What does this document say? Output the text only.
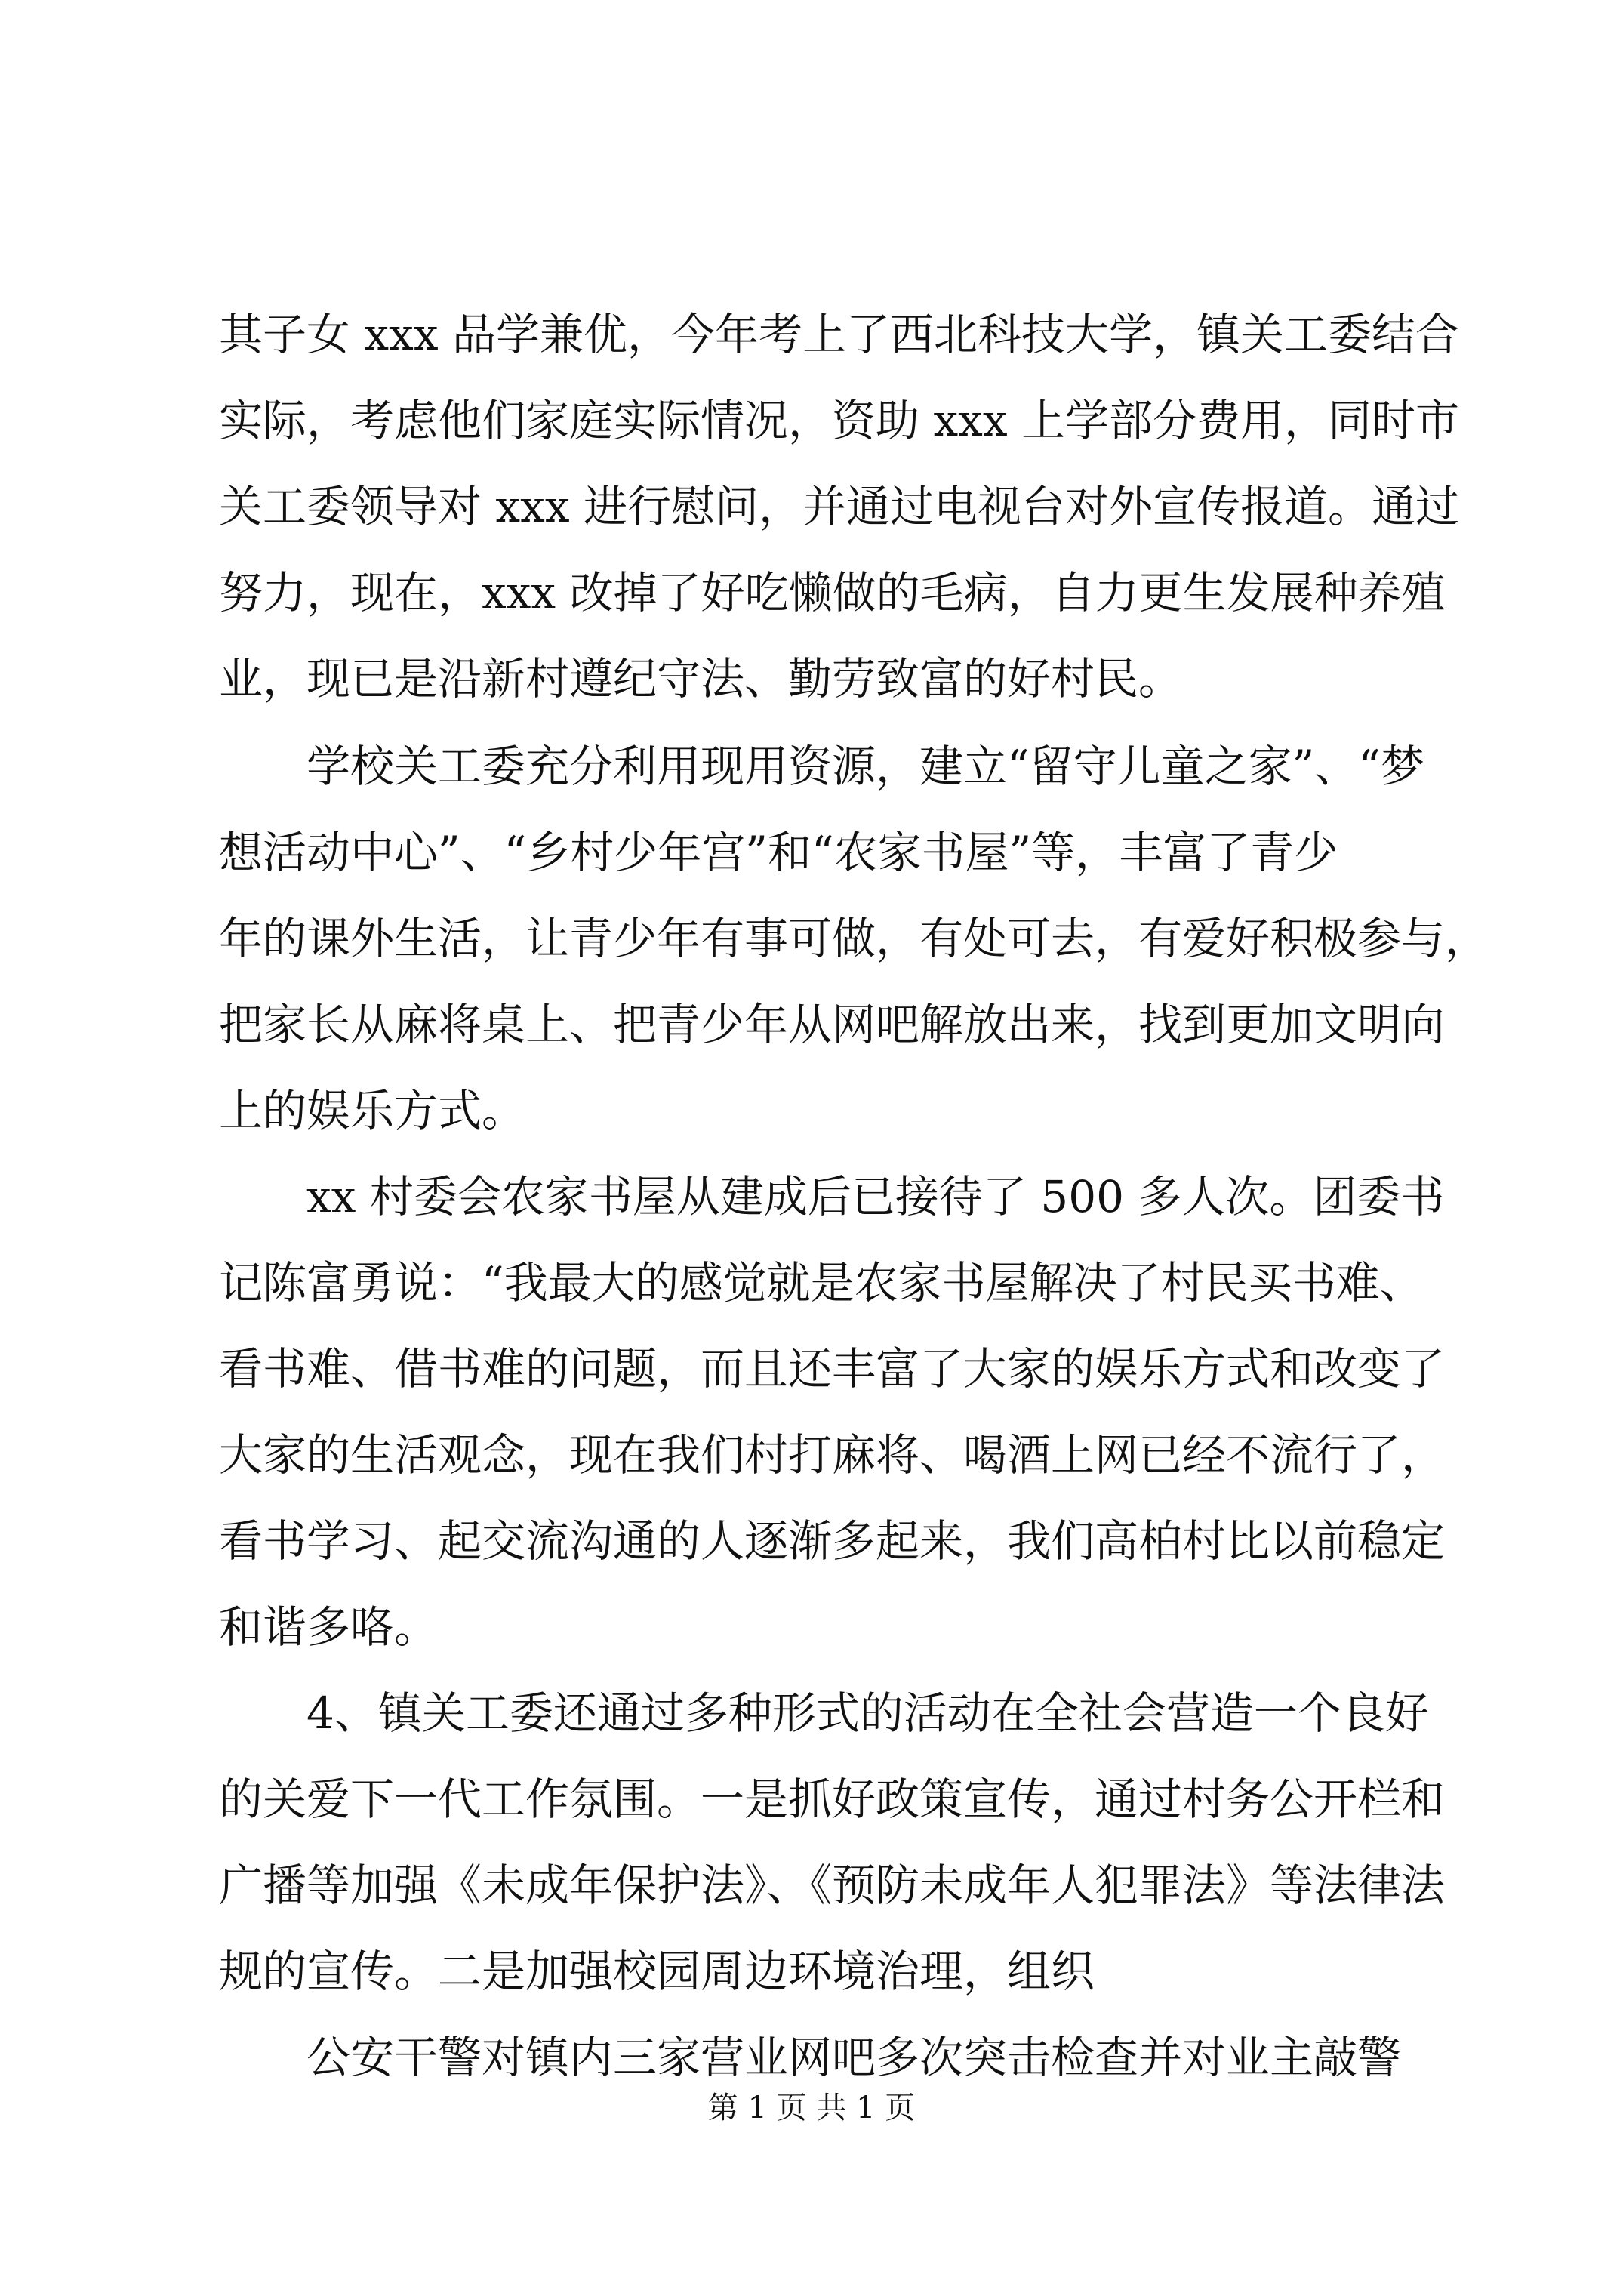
其子女 xxx 品学兼优，今年考上了西北科技大学，镇关工委结合
实际，考虑他们家庭实际情况，资助 xxx 上学部分费用，同时市
关工委领导对 xxx 进行慰问，并通过电视台对外宣传报道。通过
努力，现在，xxx 改掉了好吃懒做的毛病，自力更生发展种养殖
业，现已是沿新村遵纪守法、勤劳致富的好村民。
学校关工委充分利用现用资源，建立“留守儿童之家”、“梦
想活动中心”、“乡村少年宫”和“农家书屋”等，丰富了青少
年的课外生活，让青少年有事可做，有处可去，有爱好积极参与，
把家长从麻将桌上、把青少年从网吧解放出来，找到更加文明向
上的娱乐方式。
xx 村委会农家书屋从建成后已接待了 500 多人次。团委书
记陈富勇说：“我最大的感觉就是农家书屋解决了村民买书难、
看书难、借书难的问题，而且还丰富了大家的娱乐方式和改变了
大家的生活观念，现在我们村打麻将、喝酒上网已经不流行了，
看书学习、起交流沟通的人逐渐多起来，我们高柏村比以前稳定
和谐多咯。
4、镇关工委还通过多种形式的活动在全社会营造一个良好
的关爱下一代工作氛围。一是抓好政策宣传，通过村务公开栏和
广播等加强《未成年保护法》、《预防未成年人犯罪法》等法律法
规的宣传。二是加强校园周边环境治理，组织
公安干警对镇内三家营业网吧多次突击检查并对业主敲警
第 1 页 共 1 页
